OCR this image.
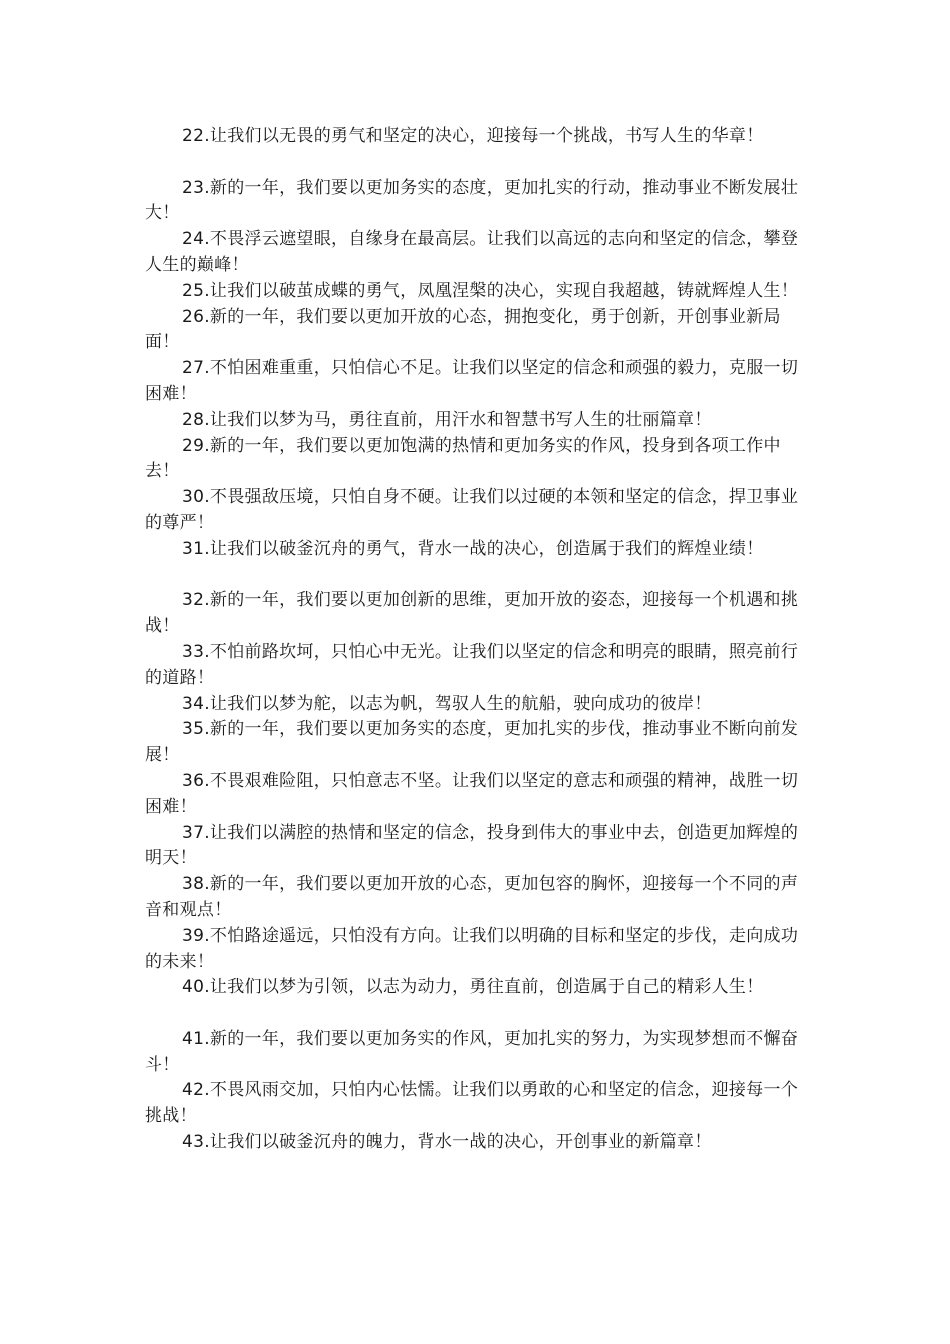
22.让我们以无畏的勇气和坚定的决心，迎接每一个挑战，书写人生的华章！

23.新的一年，我们要以更加务实的态度，更加扎实的行动，推动事业不断发展壮大！

24.不畏浮云遮望眼，自缘身在最高层。让我们以高远的志向和坚定的信念，攀登人生的巅峰！

25.让我们以破茧成蝶的勇气，凤凰涅槃的决心，实现自我超越，铸就辉煌人生！

26.新的一年，我们要以更加开放的心态，拥抱变化，勇于创新，开创事业新局面！

27.不怕困难重重，只怕信心不足。让我们以坚定的信念和顽强的毅力，克服一切困难！

28.让我们以梦为马，勇往直前，用汗水和智慧书写人生的壮丽篇章！

29.新的一年，我们要以更加饱满的热情和更加务实的作风，投身到各项工作中去！

30.不畏强敌压境，只怕自身不硬。让我们以过硬的本领和坚定的信念，捍卫事业的尊严！

31.让我们以破釜沉舟的勇气，背水一战的决心，创造属于我们的辉煌业绩！

32.新的一年，我们要以更加创新的思维，更加开放的姿态，迎接每一个机遇和挑战！

33.不怕前路坎坷，只怕心中无光。让我们以坚定的信念和明亮的眼睛，照亮前行的道路！

34.让我们以梦为舵，以志为帆，驾驭人生的航船，驶向成功的彼岸！

35.新的一年，我们要以更加务实的态度，更加扎实的步伐，推动事业不断向前发展！

36.不畏艰难险阻，只怕意志不坚。让我们以坚定的意志和顽强的精神，战胜一切困难！

37.让我们以满腔的热情和坚定的信念，投身到伟大的事业中去，创造更加辉煌的明天！

38.新的一年，我们要以更加开放的心态，更加包容的胸怀，迎接每一个不同的声音和观点！

39.不怕路途遥远，只怕没有方向。让我们以明确的目标和坚定的步伐，走向成功的未来！

40.让我们以梦为引领，以志为动力，勇往直前，创造属于自己的精彩人生！

41.新的一年，我们要以更加务实的作风，更加扎实的努力，为实现梦想而不懈奋斗！

42.不畏风雨交加，只怕内心怯懦。让我们以勇敢的心和坚定的信念，迎接每一个挑战！

43.让我们以破釜沉舟的魄力，背水一战的决心，开创事业的新篇章！
